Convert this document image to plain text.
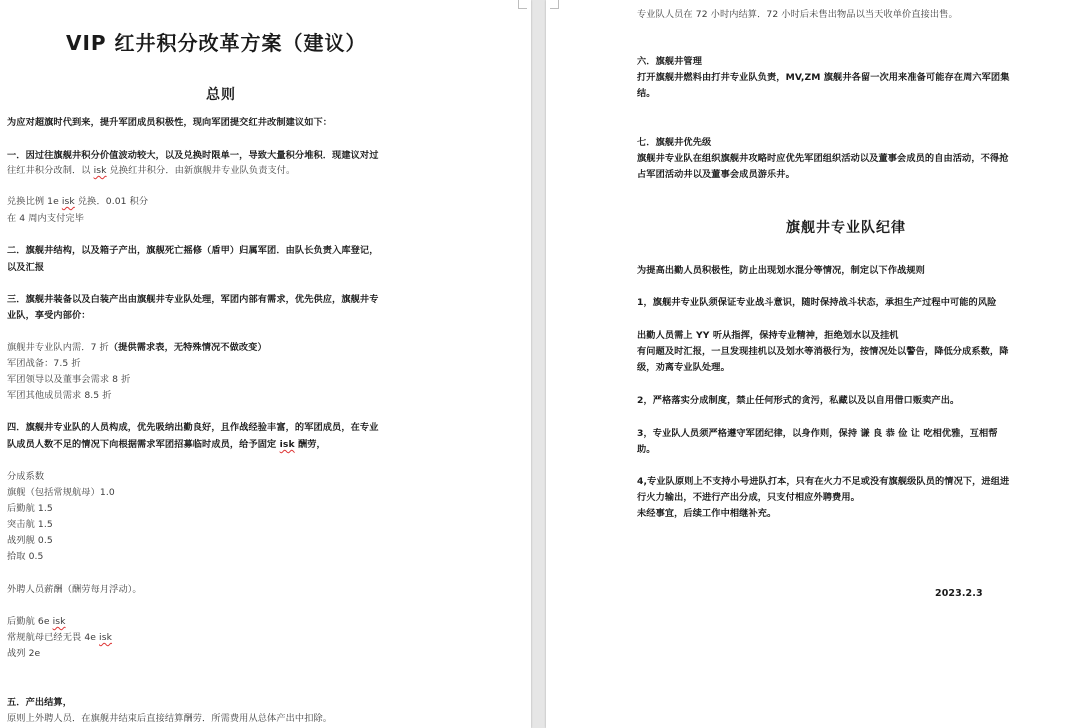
VIP 红井积分改革方案（建议）
总则
为应对超旗时代到来，提升军团成员积极性，现向军团提交红井改制建议如下：
一．因过往旗舰井积分价值波动较大，以及兑换时限单一，导致大量积分堆积．现建议对过
往红井积分改制．以 isk 兑换红井积分．由新旗舰井专业队负责支付。
兑换比例 1e isk 兑换．0.01 积分
在 4 周内支付完毕
二．旗舰井结构，以及箱子产出，旗舰死亡摇修（盾甲）归属军团．由队长负责入库登记，
以及汇报
三．旗舰井装备以及白装产出由旗舰井专业队处理，军团内部有需求，优先供应，旗舰井专
业队，享受内部价：
旗舰井专业队内需．7 折（提供需求表，无特殊情况不做改变）
军团战备：7.5 折
军团领导以及董事会需求 8 折
军团其他成员需求 8.5 折
四．旗舰井专业队的人员构成，优先吸纳出勤良好，且作战经验丰富，的军团成员，在专业
队成员人数不足的情况下向根据需求军团招募临时成员，给予固定 isk 酬劳，
分成系数
旗舰（包括常规航母）1.0
后勤航 1.5
突击航 1.5
战列舰 0.5
拾取 0.5
外聘人员薪酬（酬劳每月浮动）。
后勤航 6e isk
常规航母已经无畏 4e isk
战列 2e
五．产出结算，
原则上外聘人员．在旗舰井结束后直接结算酬劳．所需费用从总体产出中扣除。
专业队人员在 72 小时内结算．72 小时后未售出物品以当天收单价直接出售。
六．旗舰井管理
打开旗舰井燃料由打井专业队负责，MV,ZM 旗舰井各留一次用来准备可能存在周六军团集
结。
七．旗舰井优先级
旗舰井专业队在组织旗舰井攻略时应优先军团组织活动以及董事会成员的自由活动，不得抢
占军团活动井以及董事会成员游乐井。
旗舰井专业队纪律
为提高出勤人员积极性，防止出现划水混分等情况，制定以下作战规则
1，旗舰井专业队须保证专业战斗意识，随时保持战斗状态，承担生产过程中可能的风险
出勤人员需上 YY 听从指挥，保持专业精神，拒绝划水以及挂机
有问题及时汇报，一旦发现挂机以及划水等消极行为，按情况处以警告，降低分成系数，降
级，劝离专业队处理。
2，严格落实分成制度，禁止任何形式的贪污，私藏以及以自用借口贩卖产出。
3，专业队人员须严格遵守军团纪律，以身作则，保持 谦 良 恭 俭 让 吃相优雅，互相帮
助。
4,专业队原则上不支持小号进队打本，只有在火力不足或没有旗舰级队员的情况下，进组进
行火力输出，不进行产出分成，只支付相应外聘费用。
未经事宜，后续工作中相继补充。
2023.2.3
